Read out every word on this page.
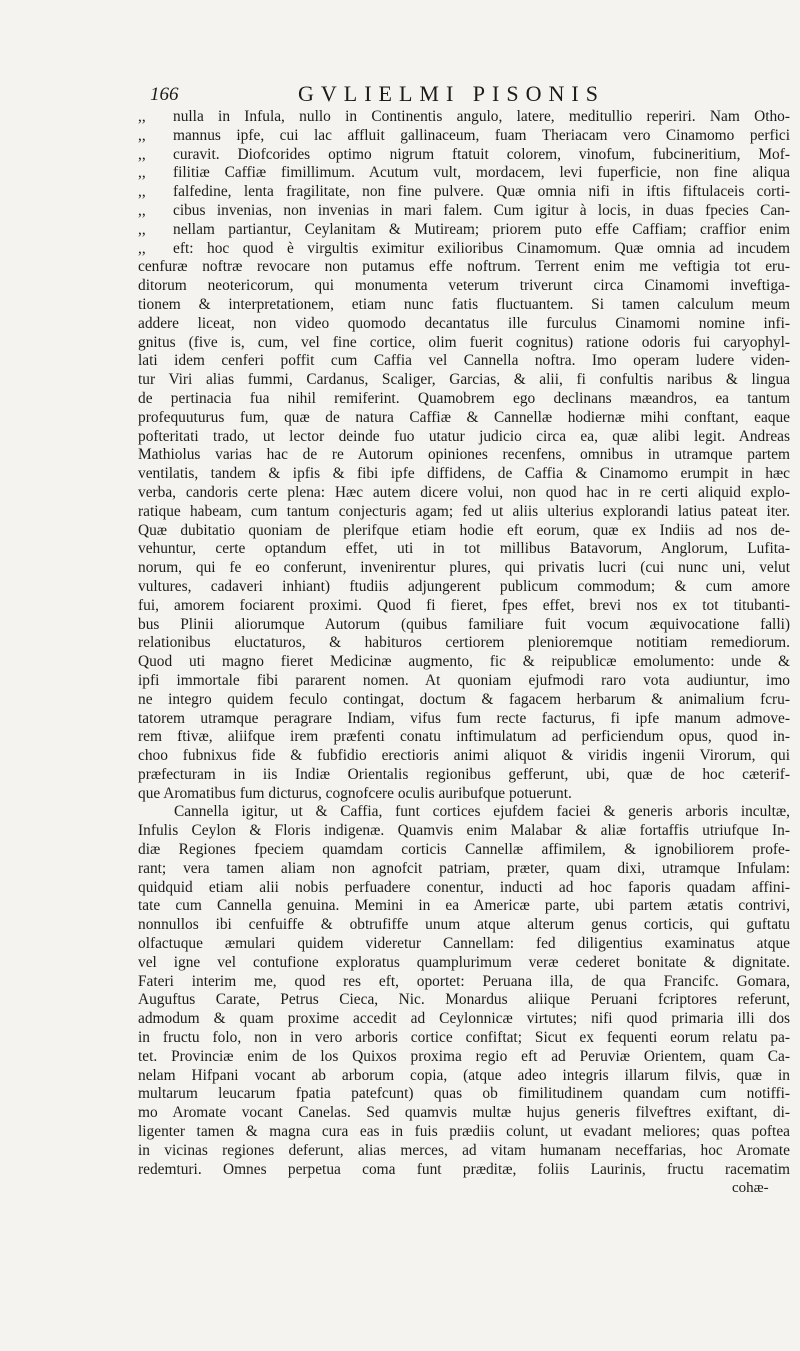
166	GVLIELMI PISONIS
,, nulla in Infula, nullo in Continentis angulo, latere, meditullio reperiri. Nam Otho-
,, mannus ipfe, cui lac affluit gallinaceum, fuam Theriacam vero Cinamomo perfici
,, curavit. Diofcorides optimo nigrum ftatuit colorem, vinofum, fubcineritium, Mof-
,, filitiæ Caffiæ fimillimum. Acutum vult, mordacem, levi fuperficie, non fine aliqua
,, falfedine, lenta fragilitate, non fine pulvere. Quæ omnia nifi in iftis fiftulaceis corti-
,, cibus invenias, non invenias in mari falem. Cum igitur à locis, in duas fpecies Can-
,, nellam partiantur, Ceylanitam & Mutiream; priorem puto effe Caffiam; craffior enim
,, eft: hoc quod è virgultis eximitur exilioribus Cinamomum. Quæ omnia ad incudem
cenfuræ noftræ revocare non putamus effe noftrum. Terrent enim me veftigia tot eru-
ditorum neotericorum, qui monumenta veterum triverunt circa Cinamomi inveftiga-
tionem & interpretationem, etiam nunc fatis fluctuantem. Si tamen calculum meum
addere liceat, non video quomodo decantatus ille furculus Cinamomi nomine infi-
gnitus (five is, cum, vel fine cortice, olim fuerit cognitus) ratione odoris fui caryophyl-
lati idem cenferi poffit cum Caffia vel Cannella noftra. Imo operam ludere viden-
tur Viri alias fummi, Cardanus, Scaliger, Garcias, & alii, fi confultis naribus & lingua
de pertinacia fua nihil remiferint. Quamobrem ego declinans mæandros, ea tantum
profequuturus fum, quæ de natura Caffiæ & Cannellæ hodiernæ mihi conftant, eaque
pofteritati trado, ut lector deinde fuo utatur judicio circa ea, quæ alibi legit. Andreas
Mathiolus varias hac de re Autorum opiniones recenfens, omnibus in utramque partem
ventilatis, tandem & ipfis & fibi ipfe diffidens, de Caffia & Cinamomo erumpit in hæc
verba, candoris certe plena: Hæc autem dicere volui, non quod hac in re certi aliquid explo-
ratique habeam, cum tantum conjecturis agam; fed ut aliis ulterius explorandi latius pateat iter.
Quæ dubitatio quoniam de plerifque etiam hodie eft eorum, quæ ex Indiis ad nos de-
vehuntur, certe optandum effet, uti in tot millibus Batavorum, Anglorum, Lufita-
norum, qui fe eo conferunt, invenirentur plures, qui privatis lucri (cui nunc uni, velut
vultures, cadaveri inhiant) ftudiis adjungerent publicum commodum; & cum amore
fui, amorem fociarent proximi. Quod fi fieret, fpes effet, brevi nos ex tot titubanti-
bus Plinii aliorumque Autorum (quibus familiare fuit vocum æquivocatione falli)
relationibus eluctaturos, & habituros certiorem plenioremque notitiam remediorum.
Quod uti magno fieret Medicinæ augmento, fic & reipublicæ emolumento: unde &
ipfi immortale fibi pararent nomen. At quoniam ejufmodi raro vota audiuntur, imo
ne integro quidem feculo contingat, doctum & fagacem herbarum & animalium fcru-
tatorem utramque peragrare Indiam, vifus fum recte facturus, fi ipfe manum admove-
rem ftivæ, aliifque irem præfenti conatu inftimulatum ad perficiendum opus, quod in-
choo fubnixus fide & fubfidio erectioris animi aliquot & viridis ingenii Virorum, qui
præfecturam in iis Indiæ Orientalis regionibus gefferunt, ubi, quæ de hoc cæterif-
que Aromatibus fum dicturus, cognofcere oculis auribufque potuerunt.
Cannella igitur, ut & Caffia, funt cortices ejufdem faciei & generis arboris incultæ,
Infulis Ceylon & Floris indigenæ. Quamvis enim Malabar & aliæ fortaffis utriufque In-
diæ Regiones fpeciem quamdam corticis Cannellæ affimilem, & ignobiliorem profe-
rant; vera tamen aliam non agnofcit patriam, præter, quam dixi, utramque Infulam:
quidquid etiam alii nobis perfuadere conentur, inducti ad hoc faporis quadam affini-
tate cum Cannella genuina. Memini in ea Americæ parte, ubi partem ætatis contrivi,
nonnullos ibi cenfuiffe & obtrufiffe unum atque alterum genus corticis, qui guftatu
olfactuque æmulari quidem videretur Cannellam: fed diligentius examinatus atque
vel igne vel contufione exploratus quamplurimum veræ cederet bonitate & dignitate.
Fateri interim me, quod res eft, oportet: Peruana illa, de qua Francifc. Gomara,
Auguftus Carate, Petrus Cieca, Nic. Monardus aliique Peruani fcriptores referunt,
admodum & quam proxime accedit ad Ceylonnicæ virtutes; nifi quod primaria illi dos
in fructu folo, non in vero arboris cortice confiftat; Sicut ex fequenti eorum relatu pa-
tet. Provinciæ enim de los Quixos proxima regio eft ad Peruviæ Orientem, quam Ca-
nelam Hifpani vocant ab arborum copia, (atque adeo integris illarum filvis, quæ in
multarum leucarum fpatia patefcunt) quas ob fimilitudinem quandam cum notiffi-
mo Aromate vocant Canelas. Sed quamvis multæ hujus generis filveftres exiftant, di-
ligenter tamen & magna cura eas in fuis prædiis colunt, ut evadant meliores; quas poftea
in vicinas regiones deferunt, alias merces, ad vitam humanam neceffarias, hoc Aromate
redemturi. Omnes perpetua coma funt præditæ, foliis Laurinis, fructu racematim
cohæ-
